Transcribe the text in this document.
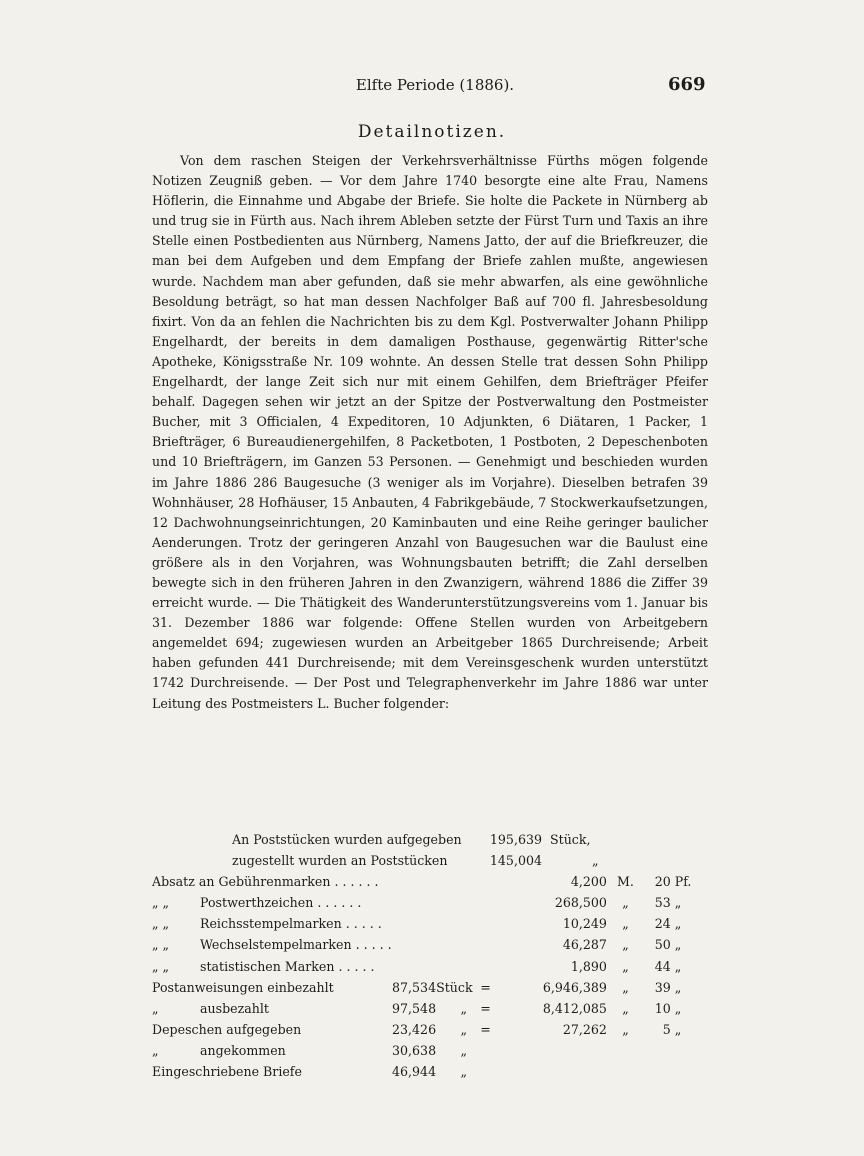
Elfte Periode (1886).	669
Detailnotizen.

Von dem raschen Steigen der Verkehrsverhältnisse Fürths mögen folgende Notizen Zeugniß geben. — Vor dem Jahre 1740 besorgte eine alte Frau, Namens Höflerin, die Einnahme und Abgabe der Briefe. Sie holte die Packete in Nürnberg ab und trug sie in Fürth aus. Nach ihrem Ableben setzte der Fürst Turn und Taxis an ihre Stelle einen Postbedienten aus Nürnberg, Namens Jatto, der auf die Briefkreuzer, die man bei dem Aufgeben und dem Empfang der Briefe zahlen mußte, angewiesen wurde. Nachdem man aber gefunden, daß sie mehr abwarfen, als eine gewöhnliche Besoldung beträgt, so hat man dessen Nachfolger Baß auf 700 fl. Jahresbesoldung fixirt. Von da an fehlen die Nachrichten bis zu dem Kgl. Postverwalter Johann Philipp Engelhardt, der bereits in dem damaligen Posthause, gegenwärtig Ritter'sche Apotheke, Königsstraße Nr. 109 wohnte. An dessen Stelle trat dessen Sohn Philipp Engelhardt, der lange Zeit sich nur mit einem Gehilfen, dem Briefträger Pfeifer behalf. Dagegen sehen wir jetzt an der Spitze der Postverwaltung den Postmeister Bucher, mit 3 Officialen, 4 Expeditoren, 10 Adjunkten, 6 Diätaren, 1 Packer, 1 Briefträger, 6 Bureaudienergehilfen, 8 Packetboten, 1 Postboten, 2 Depeschenboten und 10 Briefträgern, im Ganzen 53 Personen. — Genehmigt und beschieden wurden im Jahre 1886 286 Baugesuche (3 weniger als im Vorjahre). Dieselben betrafen 39 Wohnhäuser, 28 Hofhäuser, 15 Anbauten, 4 Fabrikgebäude, 7 Stockwerkaufsetzungen, 12 Dachwohnungseinrichtungen, 20 Kaminbauten und eine Reihe geringer baulicher Aenderungen. Trotz der geringeren Anzahl von Baugesuchen war die Baulust eine größere als in den Vorjahren, was Wohnungsbauten betrifft; die Zahl derselben bewegte sich in den früheren Jahren in den Zwanzigern, während 1886 die Ziffer 39 erreicht wurde. — Die Thätigkeit des Wanderunterstützungsvereins vom 1. Januar bis 31. Dezember 1886 war folgende: Offene Stellen wurden von Arbeitgebern angemeldet 694; zugewiesen wurden an Arbeitgeber 1865 Durchreisende; Arbeit haben gefunden 441 Durchreisende; mit dem Vereinsgeschenk wurden unterstützt 1742 Durchreisende. — Der Post und Telegraphenverkehr im Jahre 1886 war unter Leitung des Postmeisters L. Bucher folgender:

An Poststücken wurden aufgegeben	195,639 Stück,
zugestellt wurden an Poststücken	145,004	„
Absatz an Gebührenmarken . . . . . .				4,200	M.	20	Pf.
„ „ Postwerthzeichen . . . . . .				268,500	„	53	„
„ „ Reichsstempelmarken . . . . .				10,249	„	24	„
„ „ Wechselstempelmarken . . . . .				46,287	„	50	„
„ „ statistischen Marken . . . . .				1,890	„	44	„
Postanweisungen einbezahlt	87,534	Stück	=	6,946,389	„	39	„
„ ausbezahlt	97,548	„	=	8,412,085	„	10	„
Depeschen aufgegeben	23,426	„	=	27,262	„	5	„
„ angekommen	30,638	„					
Eingeschriebene Briefe	46,944	„					
